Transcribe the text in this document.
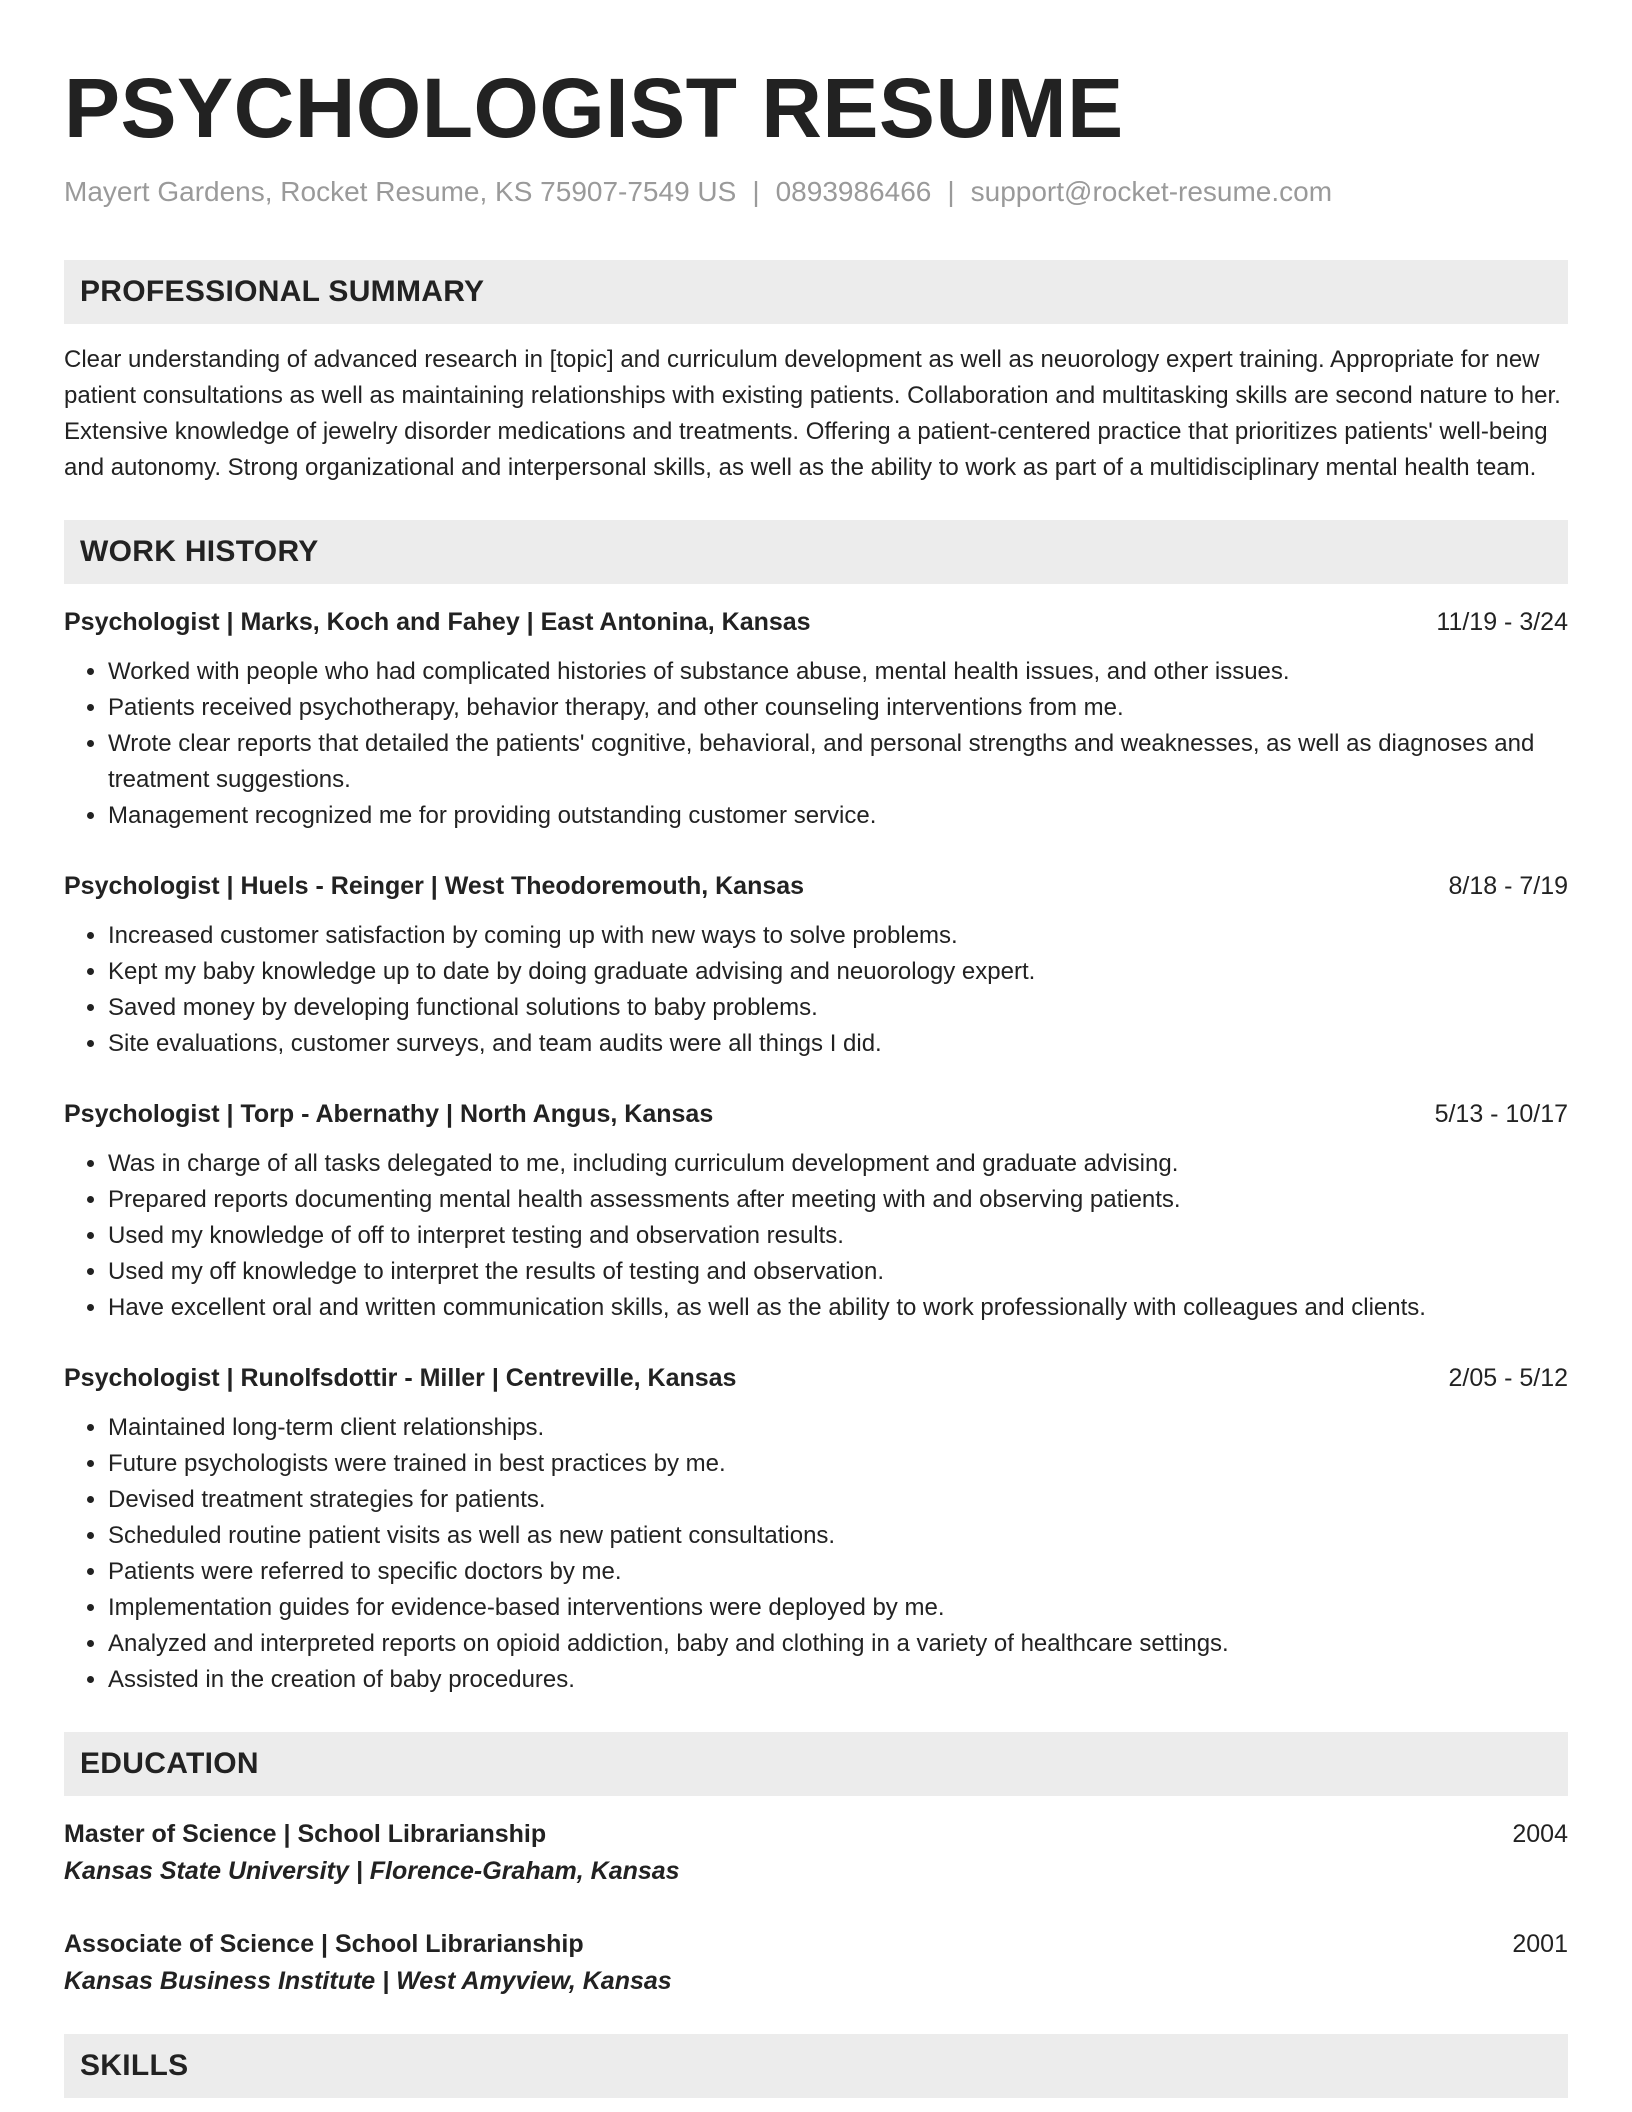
PSYCHOLOGIST RESUME
Mayert Gardens, Rocket Resume, KS 75907-7549 US | 0893986466 | support@rocket-resume.com
PROFESSIONAL SUMMARY

Clear understanding of advanced research in [topic] and curriculum development as well as neuorology expert training. Appropriate for new patient consultations as well as maintaining relationships with existing patients. Collaboration and multitasking skills are second nature to her. Extensive knowledge of jewelry disorder medications and treatments. Offering a patient-centered practice that prioritizes patients' well-being and autonomy. Strong organizational and interpersonal skills, as well as the ability to work as part of a multidisciplinary mental health team.

WORK HISTORY
Psychologist | Marks, Koch and Fahey | East Antonina, Kansas	11/19 - 3/24
• Worked with people who had complicated histories of substance abuse, mental health issues, and other issues.
• Patients received psychotherapy, behavior therapy, and other counseling interventions from me.
• Wrote clear reports that detailed the patients' cognitive, behavioral, and personal strengths and weaknesses, as well as diagnoses and treatment suggestions.
• Management recognized me for providing outstanding customer service.
Psychologist | Huels - Reinger | West Theodoremouth, Kansas	8/18 - 7/19
• Increased customer satisfaction by coming up with new ways to solve problems.
• Kept my baby knowledge up to date by doing graduate advising and neuorology expert.
• Saved money by developing functional solutions to baby problems.
• Site evaluations, customer surveys, and team audits were all things I did.
Psychologist | Torp - Abernathy | North Angus, Kansas	5/13 - 10/17
• Was in charge of all tasks delegated to me, including curriculum development and graduate advising.
• Prepared reports documenting mental health assessments after meeting with and observing patients.
• Used my knowledge of off to interpret testing and observation results.
• Used my off knowledge to interpret the results of testing and observation.
• Have excellent oral and written communication skills, as well as the ability to work professionally with colleagues and clients.
Psychologist | Runolfsdottir - Miller | Centreville, Kansas	2/05 - 5/12
• Maintained long-term client relationships.
• Future psychologists were trained in best practices by me.
• Devised treatment strategies for patients.
• Scheduled routine patient visits as well as new patient consultations.
• Patients were referred to specific doctors by me.
• Implementation guides for evidence-based interventions were deployed by me.
• Analyzed and interpreted reports on opioid addiction, baby and clothing in a variety of healthcare settings.
• Assisted in the creation of baby procedures.
EDUCATION
Master of Science | School Librarianship	2004
Kansas State University | Florence-Graham, Kansas
Associate of Science | School Librarianship	2001
Kansas Business Institute | West Amyview, Kansas
SKILLS
